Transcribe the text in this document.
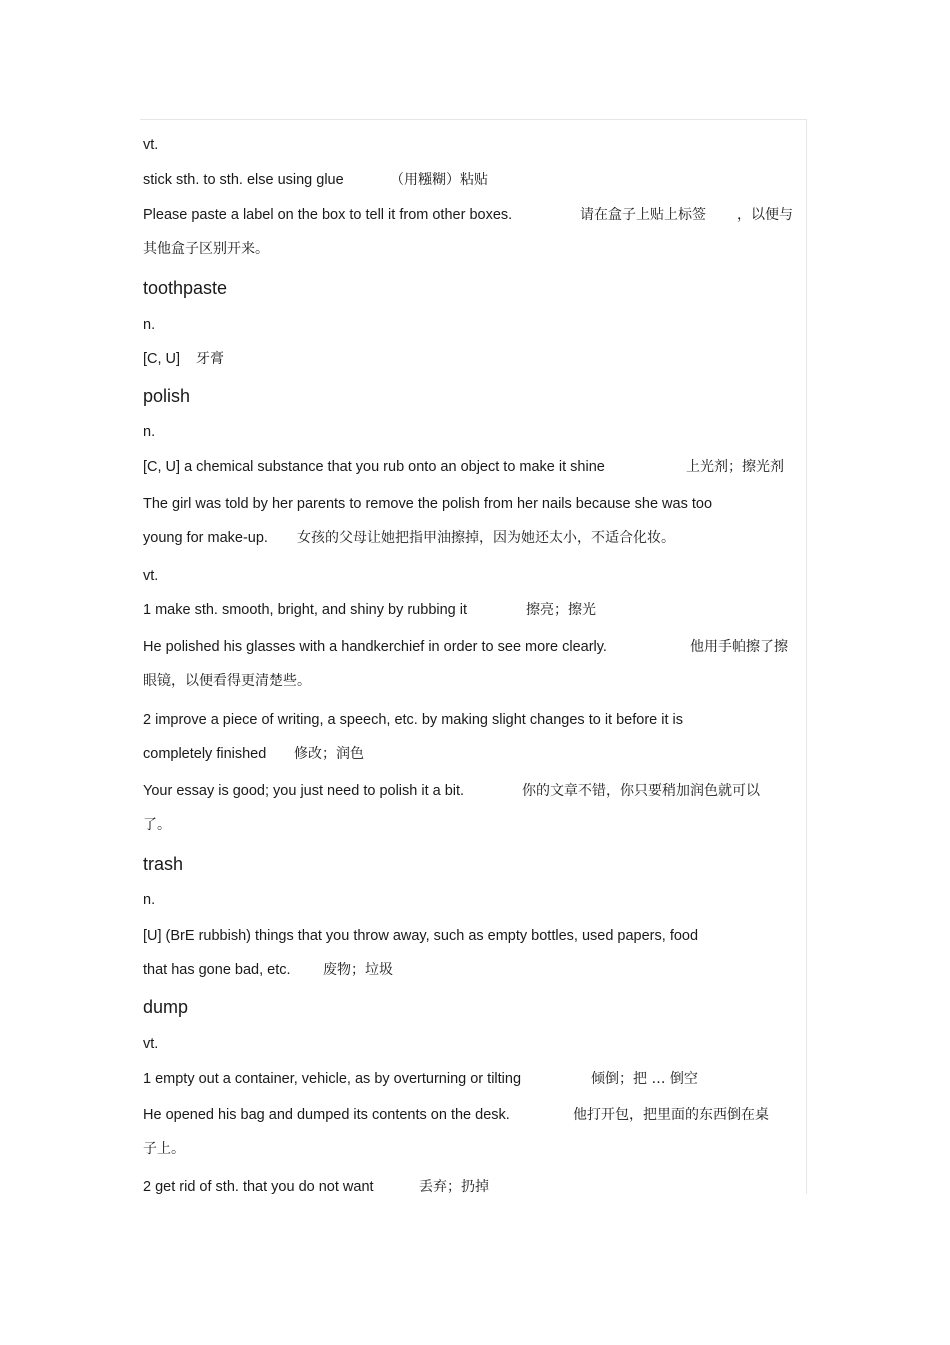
vt.
stick sth. to sth. else using glue	（用糨糊）粘贴
Please paste a label on the box to tell it from other boxes.	请在盒子上贴上标签 ，以便与
其他盒子区别开来。
toothpaste
n.
[C, U] 牙膏
polish
n.
[C, U] a chemical substance that you rub onto an object to make it shine	上光剂；擦光剂
The girl was told by her parents to remove the polish from her nails because she was too
young for make-up. 女孩的父母让她把指甲油擦掉，因为她还太小，不适合化妆。
vt.
1 make sth. smooth, bright, and shiny by rubbing it	擦亮；擦光
He polished his glasses with a handkerchief in order to see more clearly.	他用手帕擦了擦
眼镜，以便看得更清楚些。
2 improve a piece of writing, a speech, etc. by making slight changes to it before it is
completely finished 修改；润色
Your essay is good; you just need to polish it a bit.	你的文章不错，你只要稍加润色就可以
了。
trash
n.
[U] (BrE rubbish) things that you throw away, such as empty bottles, used papers, food
that has gone bad, etc. 废物；垃圾
dump
vt.
1 empty out a container, vehicle, as by overturning or tilting	倾倒；把 … 倒空
He opened his bag and dumped its contents on the desk.	他打开包，把里面的东西倒在桌
子上。
2 get rid of sth. that you do not want	丢弃；扔掉
